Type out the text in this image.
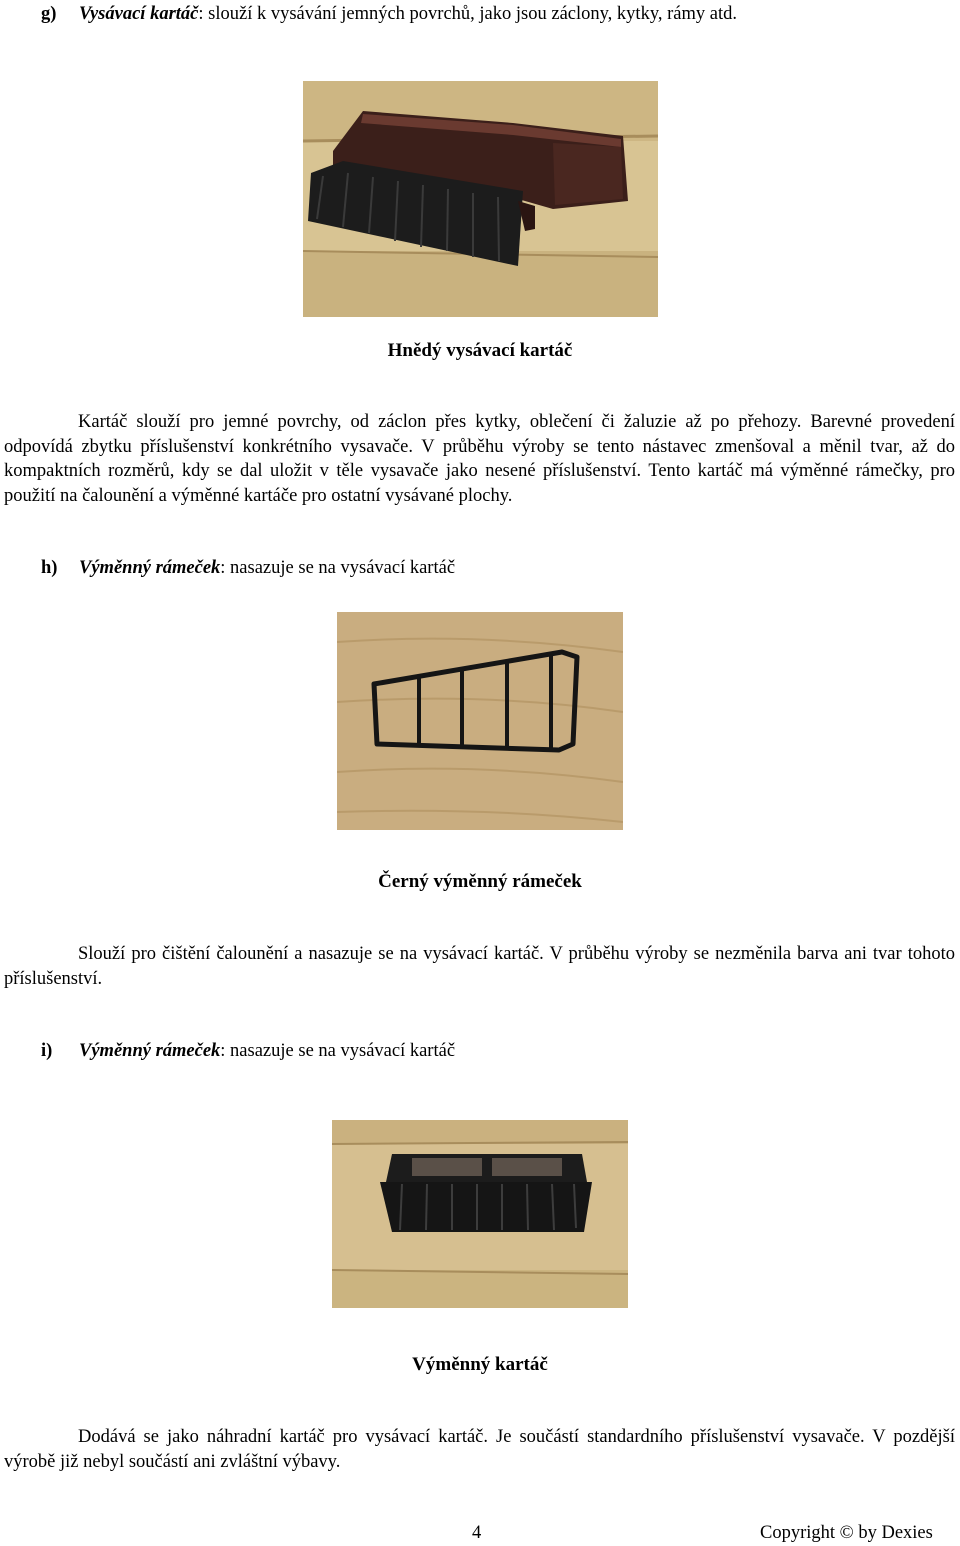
g) Vysávací kartáč: slouží k vysávání jemných povrchů, jako jsou záclony, kytky, rámy atd.
Hnědý vysávací kartáč
Kartáč slouží pro jemné povrchy, od záclon přes kytky, oblečení či žaluzie až po přehozy. Barevné provedení odpovídá zbytku příslušenství konkrétního vysavače. V průběhu výroby se tento nástavec zmenšoval a měnil tvar, až do kompaktních rozměrů, kdy se dal uložit v těle vysavače jako nesené příslušenství. Tento kartáč má výměnné rámečky, pro použití na čalounění a výměnné kartáče pro ostatní vysávané plochy.
h) Výměnný rámeček: nasazuje se na vysávací kartáč
Černý výměnný rámeček
Slouží pro čištění čalounění a nasazuje se na vysávací kartáč. V průběhu výroby se nezměnila barva ani tvar tohoto příslušenství.
i) Výměnný rámeček: nasazuje se na vysávací kartáč
Výměnný kartáč
Dodává se jako náhradní kartáč pro vysávací kartáč. Je součástí standardního příslušenství vysavače. V pozdější výrobě již nebyl součástí ani zvláštní výbavy.
4	Copyright © by Dexies
